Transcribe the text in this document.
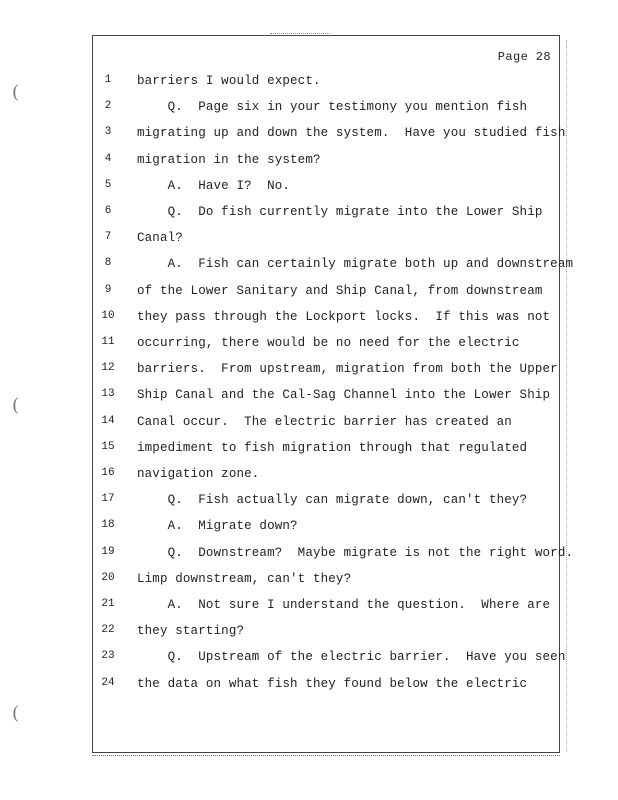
(
(
(
Page 28
1	barriers I would expect.
2	Q.  Page six in your testimony you mention fish
3	migrating up and down the system.  Have you studied fish
4	migration in the system?
5	A.  Have I?  No.
6	Q.  Do fish currently migrate into the Lower Ship
7	Canal?
8	A.  Fish can certainly migrate both up and downstream
9	of the Lower Sanitary and Ship Canal, from downstream
10	they pass through the Lockport locks.  If this was not
11	occurring, there would be no need for the electric
12	barriers.  From upstream, migration from both the Upper
13	Ship Canal and the Cal-Sag Channel into the Lower Ship
14	Canal occur.  The electric barrier has created an
15	impediment to fish migration through that regulated
16	navigation zone.
17	Q.  Fish actually can migrate down, can't they?
18	A.  Migrate down?
19	Q.  Downstream?  Maybe migrate is not the right word.
20	Limp downstream, can't they?
21	A.  Not sure I understand the question.  Where are
22	they starting?
23	Q.  Upstream of the electric barrier.  Have you seen
24	the data on what fish they found below the electric
